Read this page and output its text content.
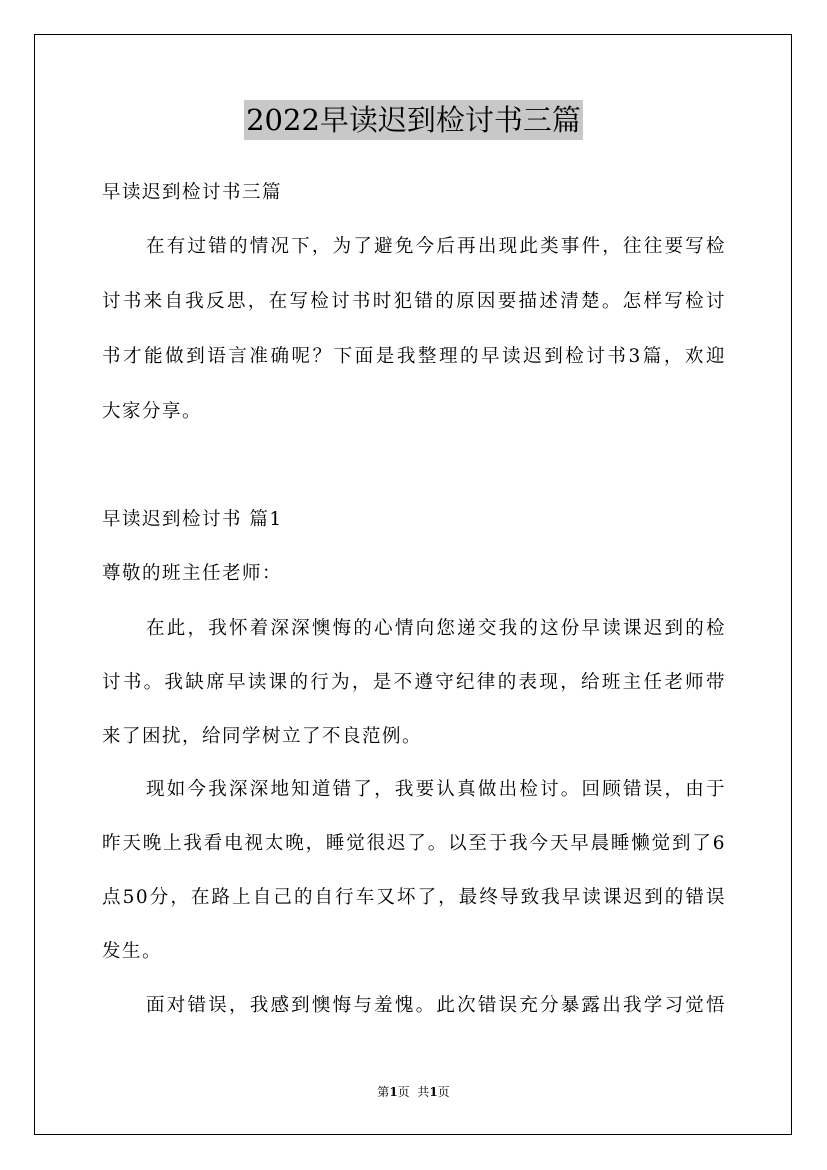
2022早读迟到检讨书三篇
早读迟到检讨书三篇
在有过错的情况下，为了避免今后再出现此类事件，往往要写检
讨书来自我反思，在写检讨书时犯错的原因要描述清楚。怎样写检讨
书才能做到语言准确呢？下面是我整理的早读迟到检讨书3篇，欢迎
大家分享。
早读迟到检讨书 篇1
尊敬的班主任老师：
在此，我怀着深深懊悔的心情向您递交我的这份早读课迟到的检
讨书。我缺席早读课的行为，是不遵守纪律的表现，给班主任老师带
来了困扰，给同学树立了不良范例。
现如今我深深地知道错了，我要认真做出检讨。回顾错误，由于
昨天晚上我看电视太晚，睡觉很迟了。以至于我今天早晨睡懒觉到了6
点50分，在路上自己的自行车又坏了，最终导致我早读课迟到的错误
发生。
面对错误，我感到懊悔与羞愧。此次错误充分暴露出我学习觉悟
第1页  共1页
